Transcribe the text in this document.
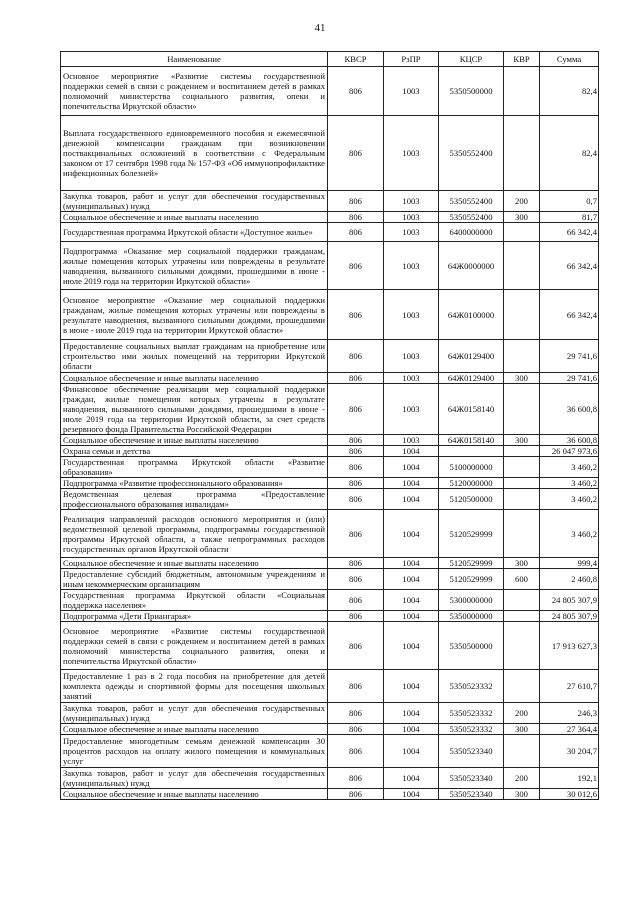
41
Наименование	КВСР	РзПР	КЦСР	КВР	Сумма
Основное мероприятие «Развитие системы государственной поддержки семей в связи с рождением и воспитанием детей в рамках полномочий министерства социального развития, опеки и попечительства Иркутской области»	806	1003	5350500000		82,4
Выплата государственного единовременного пособия и ежемесячной денежной компенсации гражданам при возникновении поствакцинальных осложнений в соответствии с Федеральным законом от 17 сентября 1998 года № 157-ФЗ «Об иммунопрофилактике инфекционных болезней»	806	1003	5350552400		82,4
Закупка товаров, работ и услуг для обеспечения государственных (муниципальных) нужд	806	1003	5350552400	200	0,7
Социальное обеспечение и иные выплаты населению	806	1003	5350552400	300	81,7
Государственная программа Иркутской области «Доступное жилье»	806	1003	6400000000		66 342,4
Подпрограмма «Оказание мер социальной поддержки гражданам, жилые помещения которых утрачены или повреждены в результате наводнения, вызванного сильными дождями, прошедшими в июне - июле 2019 года на территории Иркутской области»	806	1003	64Ж0000000		66 342,4
Основное мероприятие «Оказание мер социальной поддержки гражданам, жилые помещения которых утрачены или повреждены в результате наводнения, вызванного сильными дождями, прошедшими в июне - июле 2019 года на территории Иркутской области»	806	1003	64Ж0100000		66 342,4
Предоставление социальных выплат гражданам на приобретение или строительство ими жилых помещений на территории Иркутской области	806	1003	64Ж0129400		29 741,6
Социальное обеспечение и иные выплаты населению	806	1003	64Ж0129400	300	29 741,6
Финансовое обеспечение реализации мер социальной поддержки граждан, жилые помещения которых утрачены в результате наводнения, вызванного сильными дождями, прошедшими в июне - июле 2019 года на территории Иркутской области, за счет средств резервного фонда Правительства Российской Федерации	806	1003	64Ж0158140		36 600,8
Социальное обеспечение и иные выплаты населению	806	1003	64Ж0158140	300	36 600,8
Охрана семьи и детства	806	1004			26 047 973,6
Государственная программа Иркутской области «Развитие образования»	806	1004	5100000000		3 460,2
Подпрограмма «Развитие профессионального образования»	806	1004	5120000000		3 460,2
Ведомственная целевая программа «Предоставление профессионального образования инвалидам»	806	1004	5120500000		3 460,2
Реализация направлений расходов основного мероприятия и (или) ведомственной целевой программы, подпрограммы государственной программы Иркутской области, а также непрограммных расходов государственных органов Иркутской области	806	1004	5120529999		3 460,2
Социальное обеспечение и иные выплаты населению	806	1004	5120529999	300	999,4
Предоставление субсидий бюджетным, автономным учреждениям и иным некоммерческим организациям	806	1004	5120529999	600	2 460,8
Государственная программа Иркутской области «Социальная поддержка населения»	806	1004	5300000000		24 805 307,9
Подпрограмма «Дети Приангарья»	806	1004	5350000000		24 805 307,9
Основное мероприятие «Развитие системы государственной поддержки семей в связи с рождением и воспитанием детей в рамках полномочий министерства социального развития, опеки и попечительства Иркутской области»	806	1004	5350500000		17 913 627,3
Предоставление 1 раз в 2 года пособия на приобретение для детей комплекта одежды и спортивной формы для посещения школьных занятий	806	1004	5350523332		27 610,7
Закупка товаров, работ и услуг для обеспечения государственных (муниципальных) нужд	806	1004	5350523332	200	246,3
Социальное обеспечение и иные выплаты населению	806	1004	5350523332	300	27 364,4
Предоставление многодетным семьям денежной компенсации 30 процентов расходов на оплату жилого помещения и коммунальных услуг	806	1004	5350523340		30 204,7
Закупка товаров, работ и услуг для обеспечения государственных (муниципальных) нужд	806	1004	5350523340	200	192,1
Социальное обеспечение и иные выплаты населению	806	1004	5350523340	300	30 012,6
